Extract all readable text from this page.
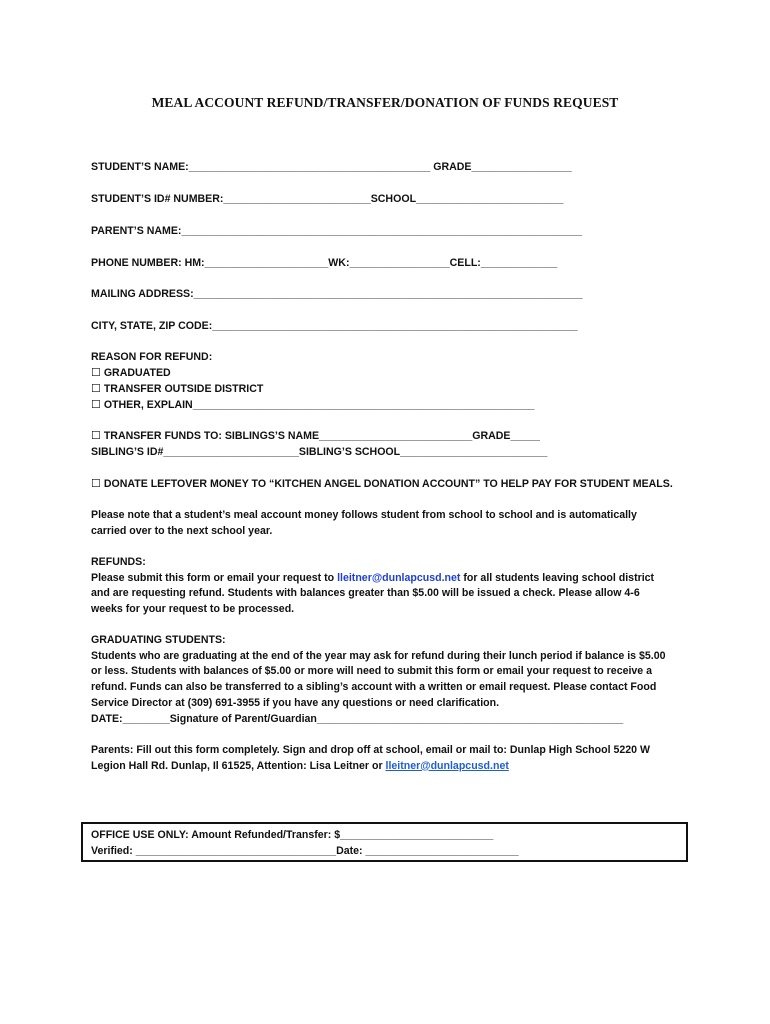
MEAL ACCOUNT REFUND/TRANSFER/DONATION OF FUNDS REQUEST
STUDENT’S NAME:_________________________________________ GRADE_________________
STUDENT’S ID# NUMBER:_________________________SCHOOL_________________________
PARENT’S NAME:____________________________________________________________________
PHONE NUMBER: HM:_____________________WK:_________________CELL:_____________
MAILING ADDRESS:__________________________________________________________________
CITY, STATE, ZIP CODE:______________________________________________________________
REASON FOR REFUND:
☐ GRADUATED
☐ TRANSFER OUTSIDE DISTRICT
☐ OTHER, EXPLAIN__________________________________________________________
☐ TRANSFER FUNDS TO: SIBLINGS’S NAME__________________________GRADE_____
SIBLING’S ID#_______________________SIBLING’S SCHOOL_________________________
☐ DONATE LEFTOVER MONEY TO “KITCHEN ANGEL DONATION ACCOUNT” TO HELP PAY FOR STUDENT MEALS.

Please note that a student’s meal account money follows student from school to school and is automatically carried over to the next school year.

REFUNDS:

Please submit this form or email your request to lleitner@dunlapcusd.net for all students leaving school district and are requesting refund. Students with balances greater than $5.00 will be issued a check. Please allow 4-6 weeks for your request to be processed.

GRADUATING STUDENTS:

Students who are graduating at the end of the year may ask for refund during their lunch period if balance is $5.00 or less. Students with balances of $5.00 or more will need to submit this form or email your request to receive a refund. Funds can also be transferred to a sibling’s account with a written or email request. Please contact Food Service Director at (309) 691-3955 if you have any questions or need clarification.

DATE:________Signature of Parent/Guardian____________________________________________________

Parents: Fill out this form completely. Sign and drop off at school, email or mail to: Dunlap High School 5220 W Legion Hall Rd. Dunlap, Il 61525, Attention: Lisa Leitner or lleitner@dunlapcusd.net

OFFICE USE ONLY: Amount Refunded/Transfer: $__________________________
Verified: __________________________________Date: __________________________
